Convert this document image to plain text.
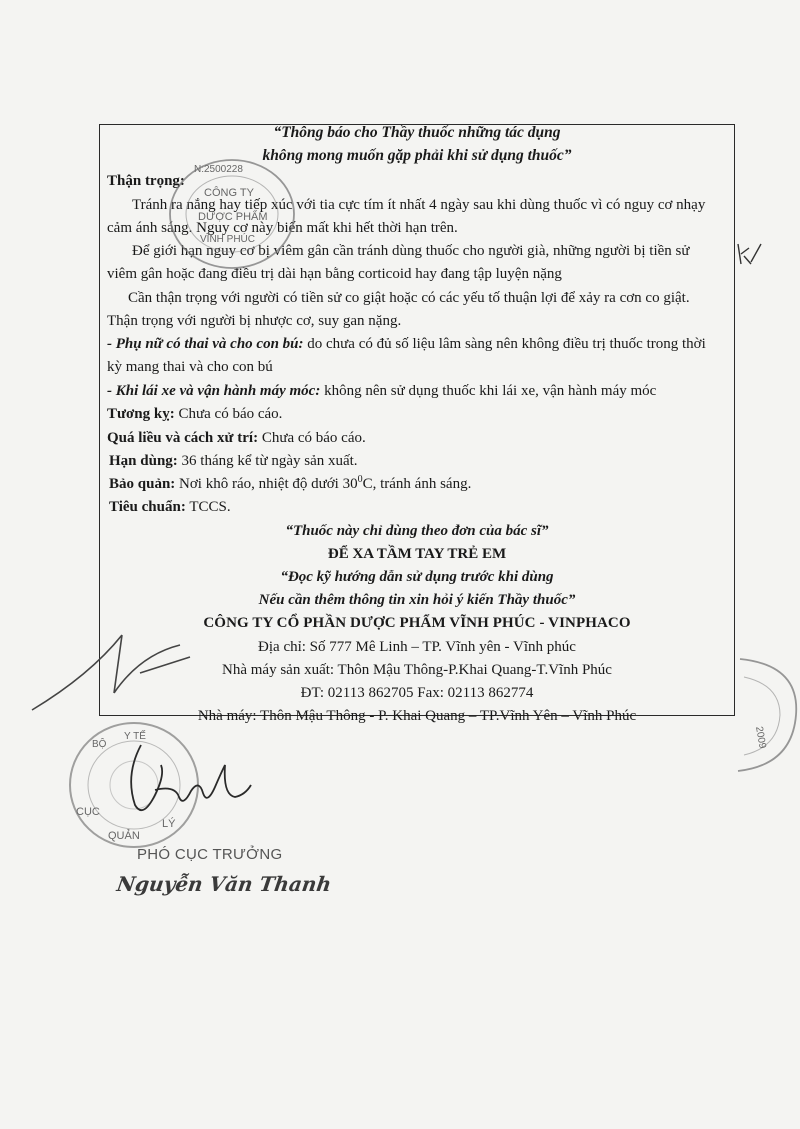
“Thông báo cho Thầy thuốc những tác dụng
không mong muốn gặp phải khi sử dụng thuốc”
Thận trọng:
Tránh ra nắng hay tiếp xúc với tia cực tím ít nhất 4 ngày sau khi dùng thuốc vì có nguy cơ nhạy
cảm ánh sáng. Nguy cơ này biến mất khi hết thời hạn trên.
Để giới hạn nguy cơ bị viêm gân cần tránh dùng thuốc cho người già, những người bị tiền sử
viêm gân hoặc đang điều trị dài hạn bằng corticoid hay đang tập luyện nặng
Cần thận trọng với người có tiền sử co giật hoặc có các yếu tố thuận lợi để xảy ra cơn co giật.
Thận trọng với người bị nhược cơ, suy gan nặng.
- Phụ nữ có thai và cho con bú: do chưa có đủ số liệu lâm sàng nên không điều trị thuốc trong thời
kỳ mang thai và cho con bú
- Khi lái xe và vận hành máy móc: không nên sử dụng thuốc khi lái xe, vận hành máy móc
Tương kỵ: Chưa có báo cáo.
Quá liều và cách xử trí: Chưa có báo cáo.
Hạn dùng: 36 tháng kể từ ngày sản xuất.
Bảo quản: Nơi khô ráo, nhiệt độ dưới $30^0C$, tránh ánh sáng.
Tiêu chuẩn: TCCS.
“Thuốc này chỉ dùng theo đơn của bác sĩ”
ĐỂ XA TẦM TAY TRẺ EM
“Đọc kỹ hướng dẫn sử dụng trước khi dùng
Nếu cần thêm thông tin xin hỏi ý kiến Thầy thuốc”
CÔNG TY CỔ PHẦN DƯỢC PHẨM VĨNH PHÚC - VINPHACO
Địa chỉ: Số 777 Mê Linh – TP. Vĩnh yên - Vĩnh phúc
Nhà máy sản xuất: Thôn Mậu Thông-P.Khai Quang-T.Vĩnh Phúc
ĐT: 02113 862705 Fax: 02113 862774
Nhà máy: Thôn Mậu Thông - P. Khai Quang – TP.Vĩnh Yên – Vĩnh Phúc
N:2500228
CÔNG TY
DƯỢC PHẨM
VĨNH PHÚC
2009
BỘ
Y TẾ
CỤC
QUẢN
LÝ
PHÓ CỤC TRƯỞNG
Nguyễn Văn Thanh
